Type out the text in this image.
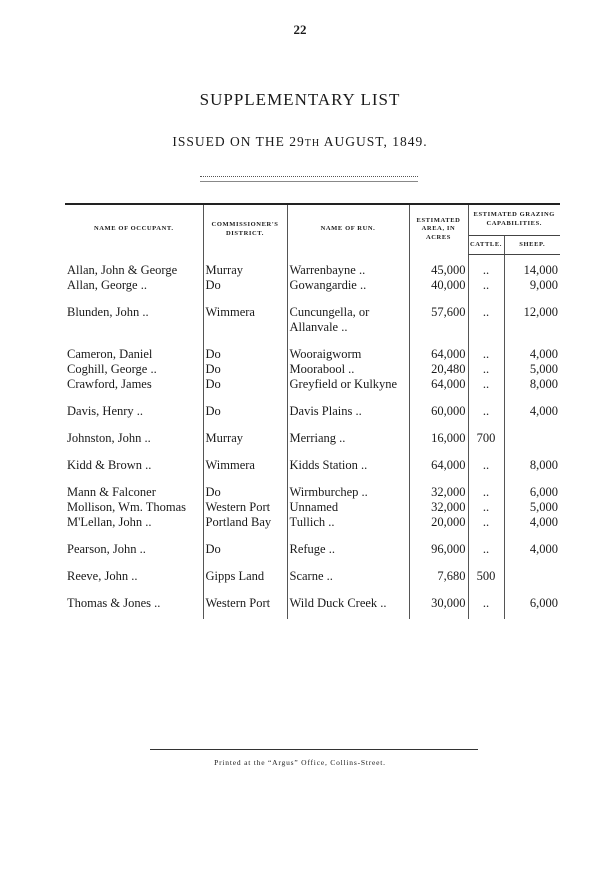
22
SUPPLEMENTARY LIST
ISSUED ON THE 29TH AUGUST, 1849.
NAME OF OCCUPANT.	COMMISSIONER'S DISTRICT.	NAME OF RUN.	ESTIMATED AREA, IN ACRES	ESTIMATED GRAZING CAPABILITIES.	
				CATTLE.	SHEEP.

Allan, John & George	Murray	Warrenbayne ..	45,000	..	14,000
Allan, George ..	Do	Gowangardie ..	40,000	..	9,000
Blunden, John ..	Wimmera	Cuncungella, or Allanvale ..	57,600	..	12,000
Cameron, Daniel	Do	Wooraigworm	64,000	..	4,000
Coghill, George ..	Do	Moorabool ..	20,480	..	5,000
Crawford, James	Do	Greyfield or Kulkyne	64,000	..	8,000
Davis, Henry ..	Do	Davis Plains ..	60,000	..	4,000
Johnston, John ..	Murray	Merriang ..	16,000	700	
Kidd & Brown ..	Wimmera	Kidds Station ..	64,000	..	8,000
Mann & Falconer	Do	Wirmburchep ..	32,000	..	6,000
Mollison, Wm. Thomas	Western Port	Unnamed	32,000	..	5,000
M'Lellan, John ..	Portland Bay	Tullich ..	20,000	..	4,000
Pearson, John ..	Do	Refuge ..	96,000	..	4,000
Reeve, John ..	Gipps Land	Scarne ..	7,680	500	
Thomas & Jones ..	Western Port	Wild Duck Creek ..	30,000	..	6,000

Printed at the “Argus” Office, Collins-Street.
